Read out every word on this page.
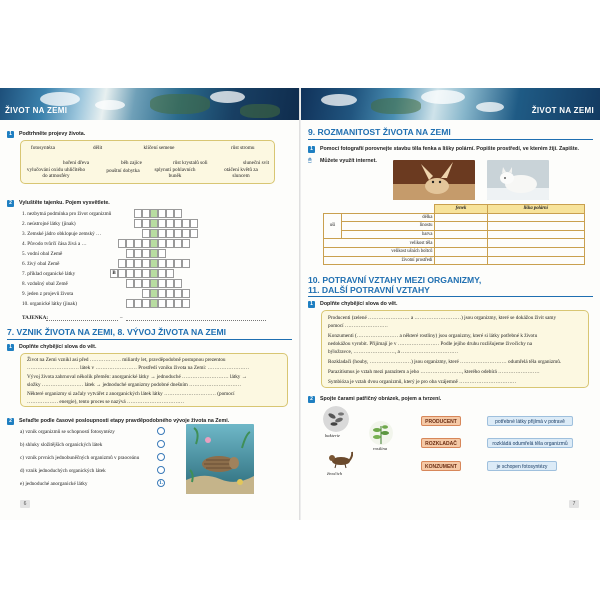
ŽIVOT NA ZEMI
1	Podtrhněte projevy života.
fotosyntéza	dělit	klíčení semene	růst stromu
hoření dřeva	běh zajíce	růst krystalů soli	slunečni svit
vylučování oxidu uhličitého do atmosféry
pouštní dobytka	splynutí pohlavních buněk
otáčení květů za sluncem
2	Vyluštěte tajenku. Pojem vysvětlete.
1. nezbytná podmínka pro život organizmů
2. neústrojné látky (jinak)
3. Zemské jádro obklopuje zemský …
4. Původo tvůrčí čása živá a …
5. vodní obal Země
6. živý obal Země
7. příklad organické látky
8. vzdušný obal Země
9. jeden z projevů života
10. organické látky (jinak)
B
TAJENKA:	–
7. VZNIK ŽIVOTA NA ZEMI, 8. VÝVOJ ŽIVOTA NA ZEMI
1	Doplňte chybějící slova do vět.
Život na Zemi vznikl asi před ……………… miliardy let, pravděpodobně postupnou prezentou
………………………… látek v …………………… Prostředí vzniku života na Zemi: ……………………
Vývoj života zahrnoval několik přeměn: anorganické látky → jednoduché ……………………… látky →
složky …………………… látek → jednoduché organizmy podobné dnešním …………………………
Některé organizmy si začaly vytvářet z anorganických látek látky ………………………… (pomocí
……………… energie), tento proces se nazývá ……………………………
2	Seřaďte podle časové posloupnosti etapy pravděpodobného vývoje života na Zemi.
a) vznik organizmů se schopností fotosyntézy
b) shluky složitějších organických látek
c) vznik prvních jednobuněčných organizmů v praoceánu
d) vznik jednoduchých organických látek
e) jednoduché anorganické látky	1.
6
ŽIVOT NA ZEMI
9. ROZMANITOST ŽIVOTA NA ZEMI
1	Pomocí fotografií porovnejte stavbu těla fenka a lišky polární. Popište prostředí, ve kterém žijí. Zapište.
🖱 Můžete využít internet.
		fenek	liška polární
uši	délka		
	linostu		
	barva		
velikost těla			
velikost ušních boltců			
životní prostředí			
10. POTRAVNÍ VZTAHY MEZI ORGANIZMY,
11. DALŠÍ POTRAVNÍ VZTAHY
1	Doplňte chybějící slova do vět.
Producenti (zelené …………………… a ………………………) jsou organizmy, které se dokážou živit samy
pomocí …………………….
Konzumenti (…………………… a některé rostliny) jsou organizmy, které si látky potřebné k životu
nedokážou vyrobit. Přijímají je v …………………… Podle jejího druhu rozlišujeme živočichy na
býložravce, ……………………, a ……………………………
Rozkladači (houby, ……………………) jsou organizmy, které ……………………… odumřelá těla organizmů.
Parazitismus je vztah mezi parazitem a jeho ……………………, kterého odebírá ……………………
Symbióza je vztah dvou organizmů, který je pro oba vzájemně ……………………………
2	Spojte čarami patřičný obrázek, pojem a tvrzení.
bakterie
rostlina
živočich
PRODUCENT
ROZKLADAČ
KONZUMENT
potřebné látky přijímá v potravě
rozkládá odumřelá těla organizmů
je schopen fotosyntézy
7
